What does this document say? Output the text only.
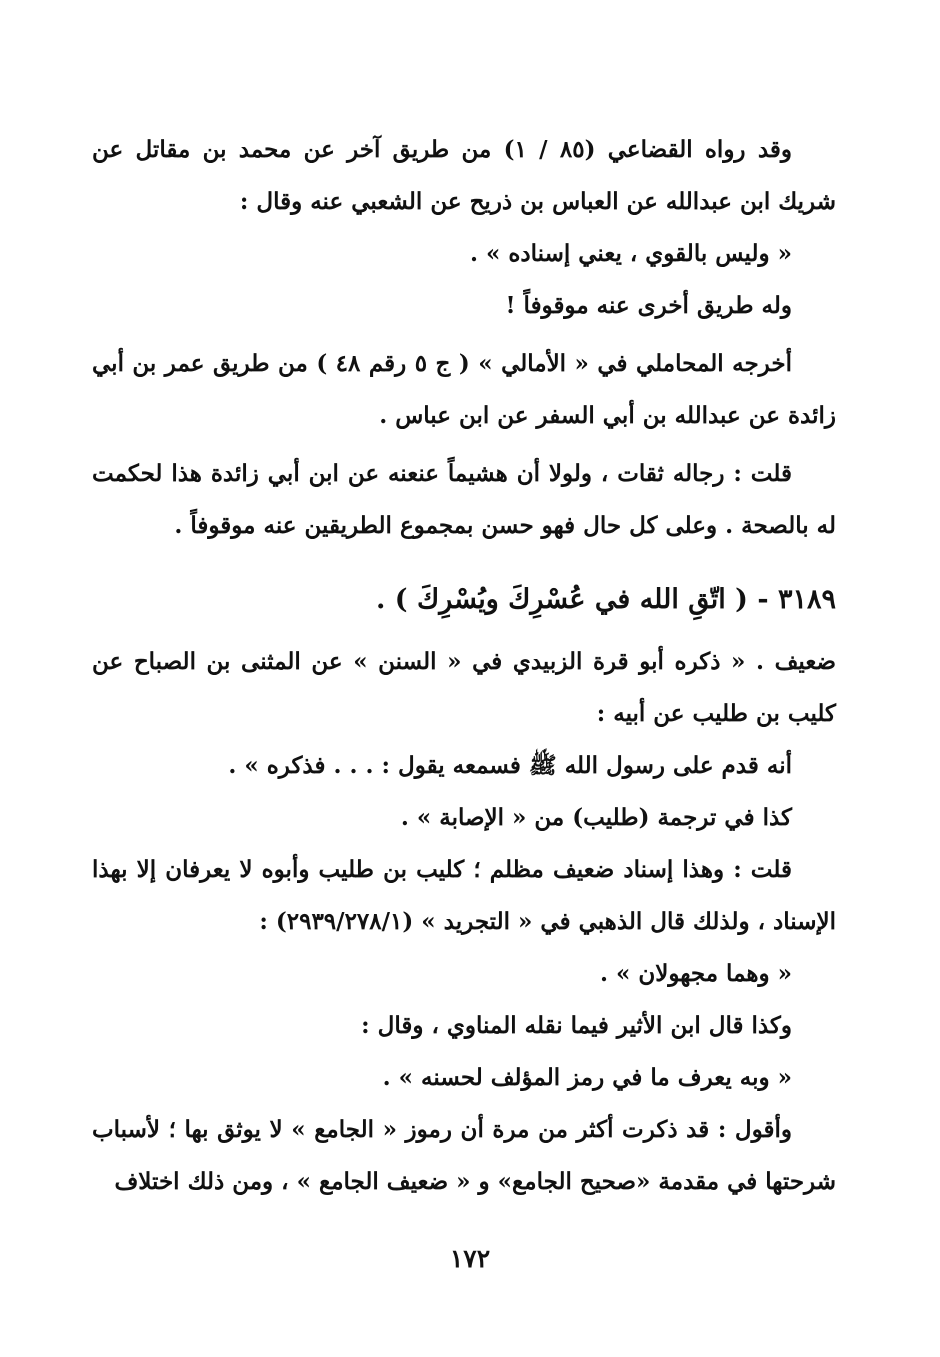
وقد رواه القضاعي (٨٥ / ١) من طريق آخر عن محمد بن مقاتل عن شريك ابن عبدالله عن العباس بن ذريح عن الشعبي عنه وقال :

« وليس بالقوي ، يعني إسناده » .

وله طريق أخرى عنه موقوفاً !

أخرجه المحاملي في « الأمالي » ( ج ٥ رقم ٤٨ ) من طريق عمر بن أبي زائدة عن عبدالله بن أبي السفر عن ابن عباس .

قلت : رجاله ثقات ، ولولا أن هشيماً عنعنه عن ابن أبي زائدة هذا لحكمت له بالصحة . وعلى كل حال فهو حسن بمجموع الطريقين عنه موقوفاً .

٣١٨٩ - ( اتّقِ الله في عُسْرِكَ ويُسْرِكَ ) .

ضعيف . « ذكره أبو قرة الزبيدي في « السنن » عن المثنى بن الصباح عن كليب بن طليب عن أبيه :

أنه قدم على رسول الله ﷺ فسمعه يقول : . . . فذكره » .

كذا في ترجمة (طليب) من « الإصابة » .

قلت : وهذا إسناد ضعيف مظلم ؛ كليب بن طليب وأبوه لا يعرفان إلا بهذا الإسناد ، ولذلك قال الذهبي في « التجريد » (٢٩٣٩/٢٧٨/١) :

« وهما مجهولان » .

وكذا قال ابن الأثير فيما نقله المناوي ، وقال :

« وبه يعرف ما في رمز المؤلف لحسنه » .

وأقول : قد ذكرت أكثر من مرة أن رموز « الجامع » لا يوثق بها ؛ لأسباب شرحتها في مقدمة «صحيح الجامع» و « ضعيف الجامع » ، ومن ذلك اختلاف

١٧٢
